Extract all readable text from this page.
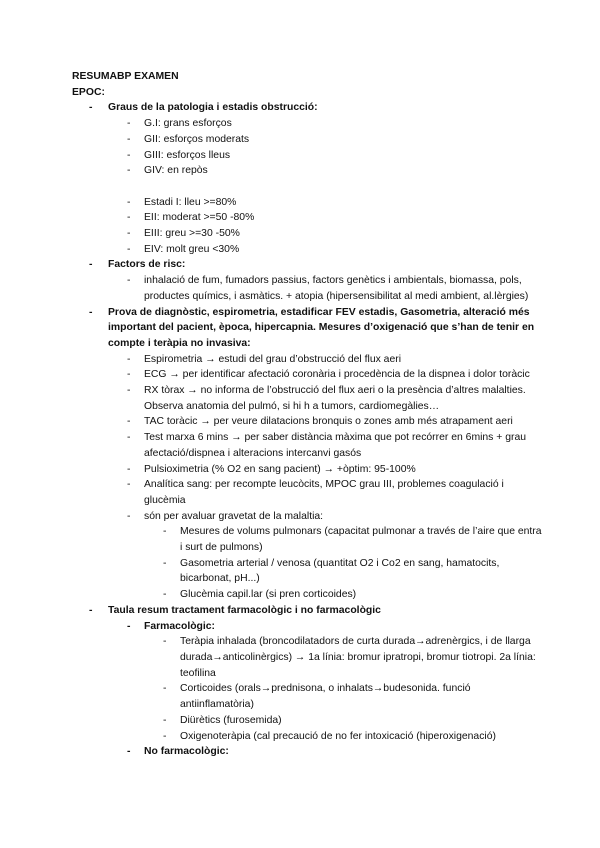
RESUMABP EXAMEN
EPOC:
- Graus de la patologia i estadis obstrucció:
- G.I: grans esforços
- GII: esforços moderats
- GIII: esforços lleus
- GIV: en repòs
- Estadi I: lleu >=80%
- EII: moderat >=50 -80%
- EIII: greu >=30 -50%
- EIV: molt greu <30%
- Factors de risc:
- inhalació de fum, fumadors passius, factors genètics i ambientals, biomassa, pols, productes químics, i asmàtics. + atopia (hipersensibilitat al medi ambient, al.lèrgies)
- Prova de diagnòstic, espirometria, estadificar FEV estadis, Gasometria, alteració més important del pacient, època, hipercapnia. Mesures d’oxigenació que s’han de tenir en compte i teràpia no invasiva:
- Espirometria → estudi del grau d’obstrucció del flux aeri
- ECG → per identificar afectació coronària i procedència de la dispnea i dolor toràcic
- RX tòrax → no informa de l’obstrucció del flux aeri o la presència d’altres malalties. Observa anatomia del pulmó, si hi h a tumors, cardiomegàlies…
- TAC toràcic → per veure dilatacions bronquis o zones amb més atrapament aeri
- Test marxa 6 mins → per saber distància màxima que pot recórrer en 6mins + grau afectació/dispnea i alteracions intercanvi gasós
- Pulsioximetria (% O2 en sang pacient) → +òptim: 95-100%
- Analítica sang: per recompte leucòcits, MPOC grau III, problemes coagulació i glucèmia
- són per avaluar gravetat de la malaltia:
- Mesures de volums pulmonars (capacitat pulmonar a través de l’aire que entra i surt de pulmons)
- Gasometria arterial / venosa (quantitat O2 i Co2 en sang, hamatocits, bicarbonat, pH...)
- Glucèmia capil.lar (si pren corticoides)
- Taula resum tractament farmacològic i no farmacològic
- Farmacològic:
- Teràpia inhalada (broncodilatadors de curta durada→adrenèrgics, i de llarga durada→anticolinèrgics) → 1a línia: bromur ipratropi, bromur tiotropi. 2a línia: teofilina
- Corticoides (orals→prednisona, o inhalats→budesonida. funció antiinflamatòria)
- Diürètics (furosemida)
- Oxigenoteràpia (cal precaució de no fer intoxicació (hiperoxigenació)
- No farmacològic:
